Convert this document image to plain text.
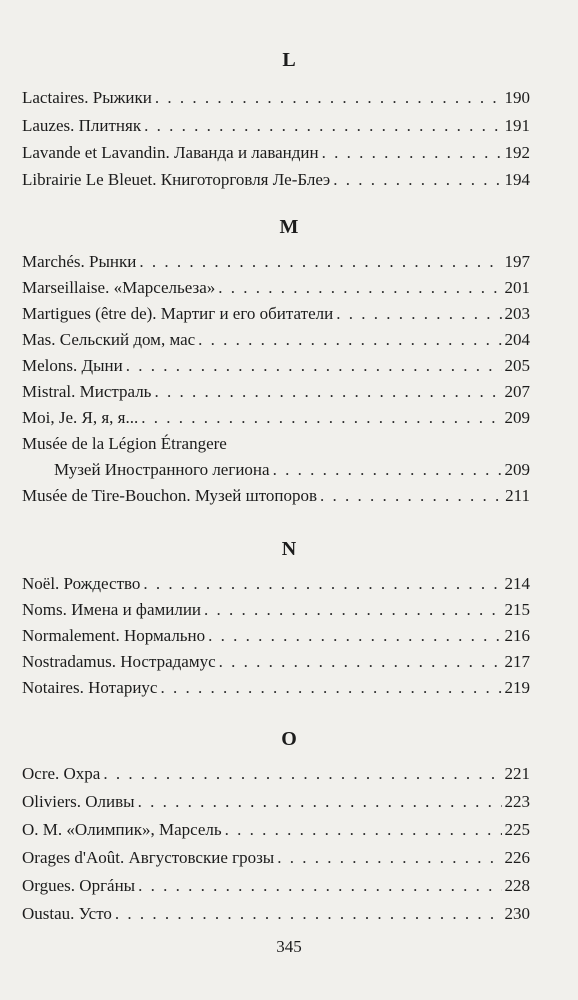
L
Lactaires. Рыжики . . .	190
Lauzes. Плитняк . . .	191
Lavande et Lavandin. Лаванда и лавандин . . .	192
Librairie Le Bleuet. Книготорговля Ле-Блеэ . . .	194
M
Marchés. Рынки . . .	197
Marseillaise. «Марсельеза» . . .	201
Martigues (être de). Мартиг и его обитатели . . .	203
Mas. Сельский дом, мас . . .	204
Melons. Дыни . . .	205
Mistral. Мистраль . . .	207
Moi, Je. Я, я, я... . . .	209
Musée de la Légion Étrangere
Музей Иностранного легиона . . .	209
Musée de Tire-Bouchon. Музей штопоров . . .	211
N
Noël. Рождество . . .	214
Noms. Имена и фамилии . . .	215
Normalement. Нормально . . .	216
Nostradamus. Нострадамус . . .	217
Notaires. Нотариус . . .	219
O
Ocre. Охра . . .	221
Oliviers. Оливы . . .	223
O. M. «Олимпик», Марсель . . .	225
Orages d'Août. Августовские грозы . . .	226
Orgues. Оргáны . . .	228
Oustau. Усто . . .	230
345
